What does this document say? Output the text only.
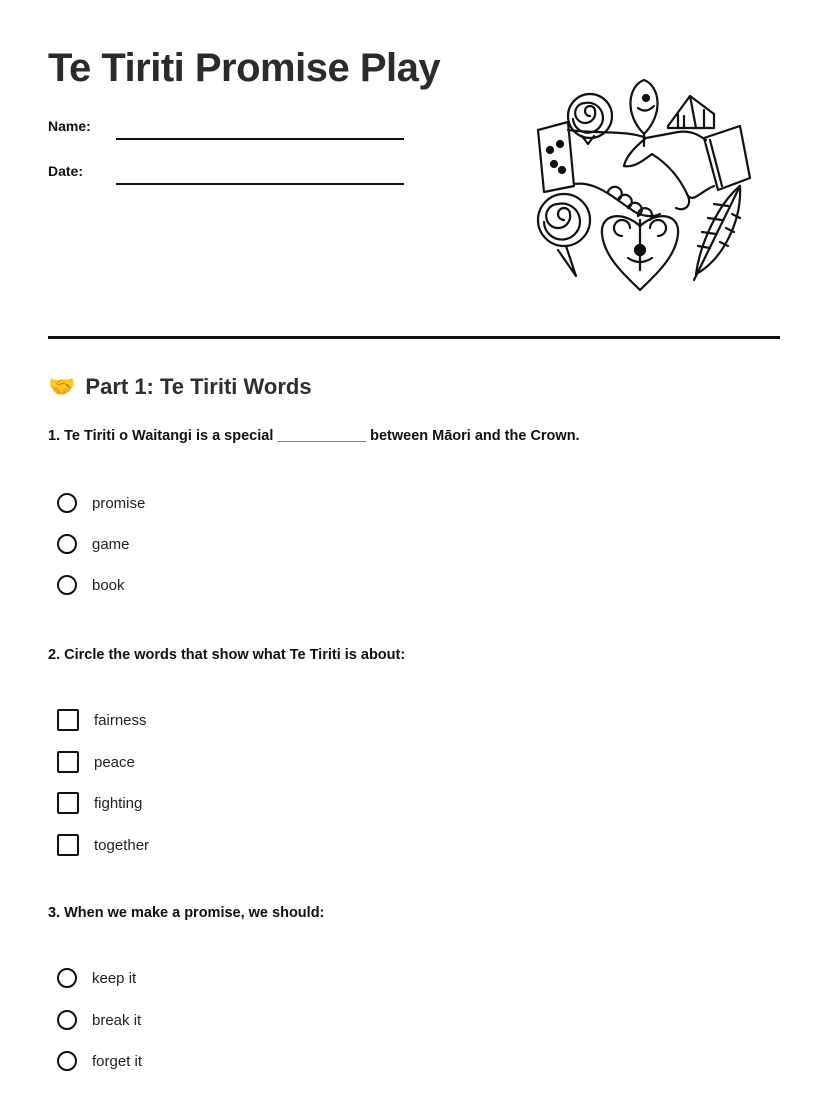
Te Tiriti Promise Play
Name:
Date:
🤝 Part 1: Te Tiriti Words

1. Te Tiriti o Waitangi is a special ___________ between Māori and the Crown.

promise
game
book

2. Circle the words that show what Te Tiriti is about:

fairness
peace
fighting
together

3. When we make a promise, we should:

keep it
break it
forget it
